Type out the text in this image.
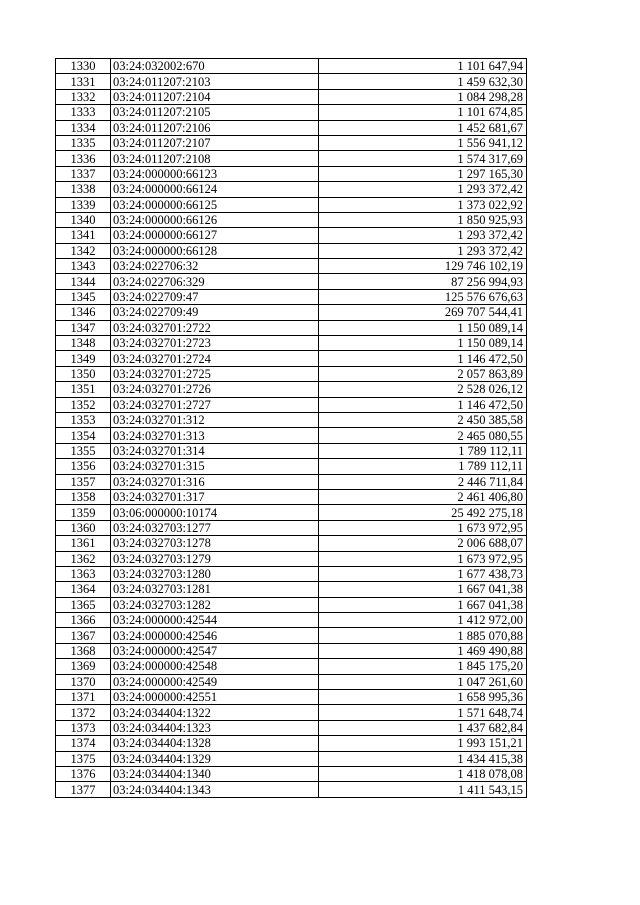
1330	03:24:032002:670	1 101 647,94
1331	03:24:011207:2103	1 459 632,30
1332	03:24:011207:2104	1 084 298,28
1333	03:24:011207:2105	1 101 674,85
1334	03:24:011207:2106	1 452 681,67
1335	03:24:011207:2107	1 556 941,12
1336	03:24:011207:2108	1 574 317,69
1337	03:24:000000:66123	1 297 165,30
1338	03:24:000000:66124	1 293 372,42
1339	03:24:000000:66125	1 373 022,92
1340	03:24:000000:66126	1 850 925,93
1341	03:24:000000:66127	1 293 372,42
1342	03:24:000000:66128	1 293 372,42
1343	03:24:022706:32	129 746 102,19
1344	03:24:022706:329	87 256 994,93
1345	03:24:022709:47	125 576 676,63
1346	03:24:022709:49	269 707 544,41
1347	03:24:032701:2722	1 150 089,14
1348	03:24:032701:2723	1 150 089,14
1349	03:24:032701:2724	1 146 472,50
1350	03:24:032701:2725	2 057 863,89
1351	03:24:032701:2726	2 528 026,12
1352	03:24:032701:2727	1 146 472,50
1353	03:24:032701:312	2 450 385,58
1354	03:24:032701:313	2 465 080,55
1355	03:24:032701:314	1 789 112,11
1356	03:24:032701:315	1 789 112,11
1357	03:24:032701:316	2 446 711,84
1358	03:24:032701:317	2 461 406,80
1359	03:06:000000:10174	25 492 275,18
1360	03:24:032703:1277	1 673 972,95
1361	03:24:032703:1278	2 006 688,07
1362	03:24:032703:1279	1 673 972,95
1363	03:24:032703:1280	1 677 438,73
1364	03:24:032703:1281	1 667 041,38
1365	03:24:032703:1282	1 667 041,38
1366	03:24:000000:42544	1 412 972,00
1367	03:24:000000:42546	1 885 070,88
1368	03:24:000000:42547	1 469 490,88
1369	03:24:000000:42548	1 845 175,20
1370	03:24:000000:42549	1 047 261,60
1371	03:24:000000:42551	1 658 995,36
1372	03:24:034404:1322	1 571 648,74
1373	03:24:034404:1323	1 437 682,84
1374	03:24:034404:1328	1 993 151,21
1375	03:24:034404:1329	1 434 415,38
1376	03:24:034404:1340	1 418 078,08
1377	03:24:034404:1343	1 411 543,15
